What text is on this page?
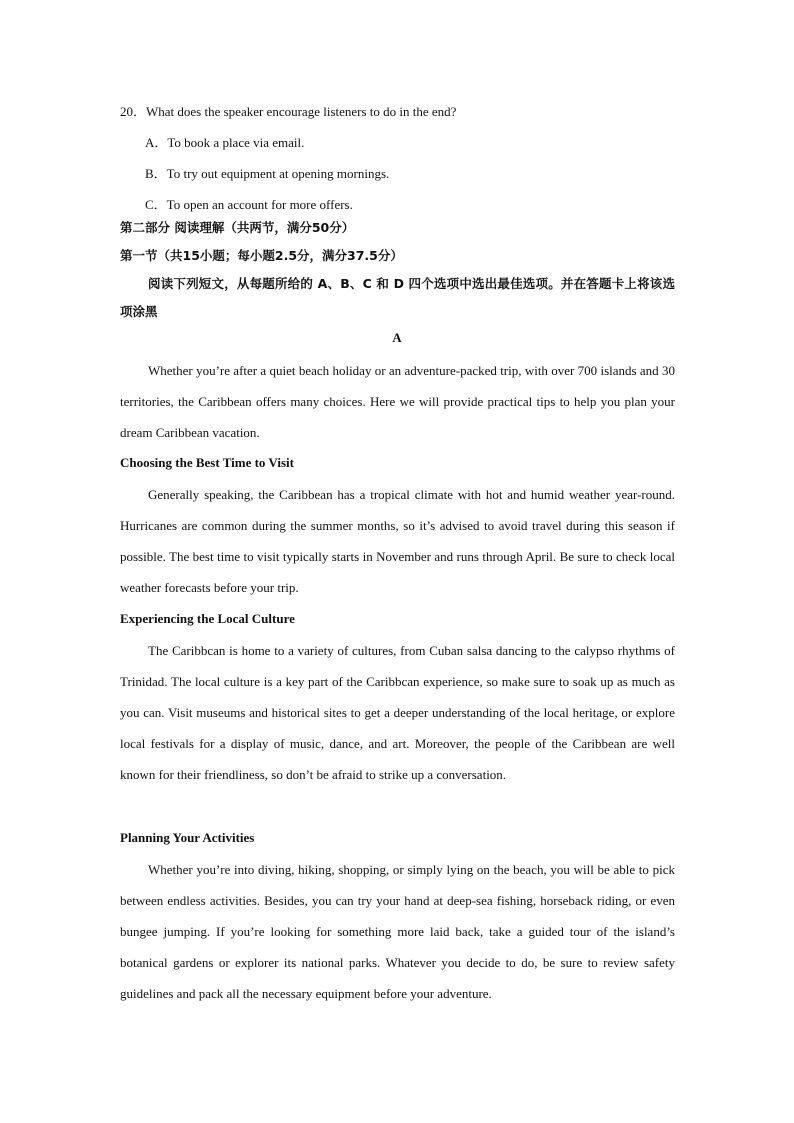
20．What does the speaker encourage listeners to do in the end?
A．To book a place via email.
B．To try out equipment at opening mornings.
C．To open an account for more offers.
第二部分 阅读理解（共两节，满分50分）
第一节（共15小题；每小题2.5分，满分37.5分）
阅读下列短文，从每题所给的 A、B、C 和 D 四个选项中选出最佳选项。并在答题卡上将该选项涂黑
A
Whether you’re after a quiet beach holiday or an adventure-packed trip, with over 700 islands and 30 territories, the Caribbean offers many choices. Here we will provide practical tips to help you plan your dream Caribbean vacation.
Choosing the Best Time to Visit
Generally speaking, the Caribbean has a tropical climate with hot and humid weather year-round. Hurricanes are common during the summer months, so it’s advised to avoid travel during this season if possible. The best time to visit typically starts in November and runs through April. Be sure to check local weather forecasts before your trip.
Experiencing the Local Culture
The Caribbcan is home to a variety of cultures, from Cuban salsa dancing to the calypso rhythms of Trinidad. The local culture is a key part of the Caribbcan experience, so make sure to soak up as much as you can. Visit museums and historical sites to get a deeper understanding of the local heritage, or explore local festivals for a display of music, dance, and art. Moreover, the people of the Caribbean are well known for their friendliness, so don’t be afraid to strike up a conversation.
Planning Your Activities
Whether you’re into diving, hiking, shopping, or simply lying on the beach, you will be able to pick between endless activities. Besides, you can try your hand at deep-sea fishing, horseback riding, or even bungee jumping. If you’re looking for something more laid back, take a guided tour of the island’s botanical gardens or explorer its national parks. Whatever you decide to do, be sure to review safety guidelines and pack all the necessary equipment before your adventure.
